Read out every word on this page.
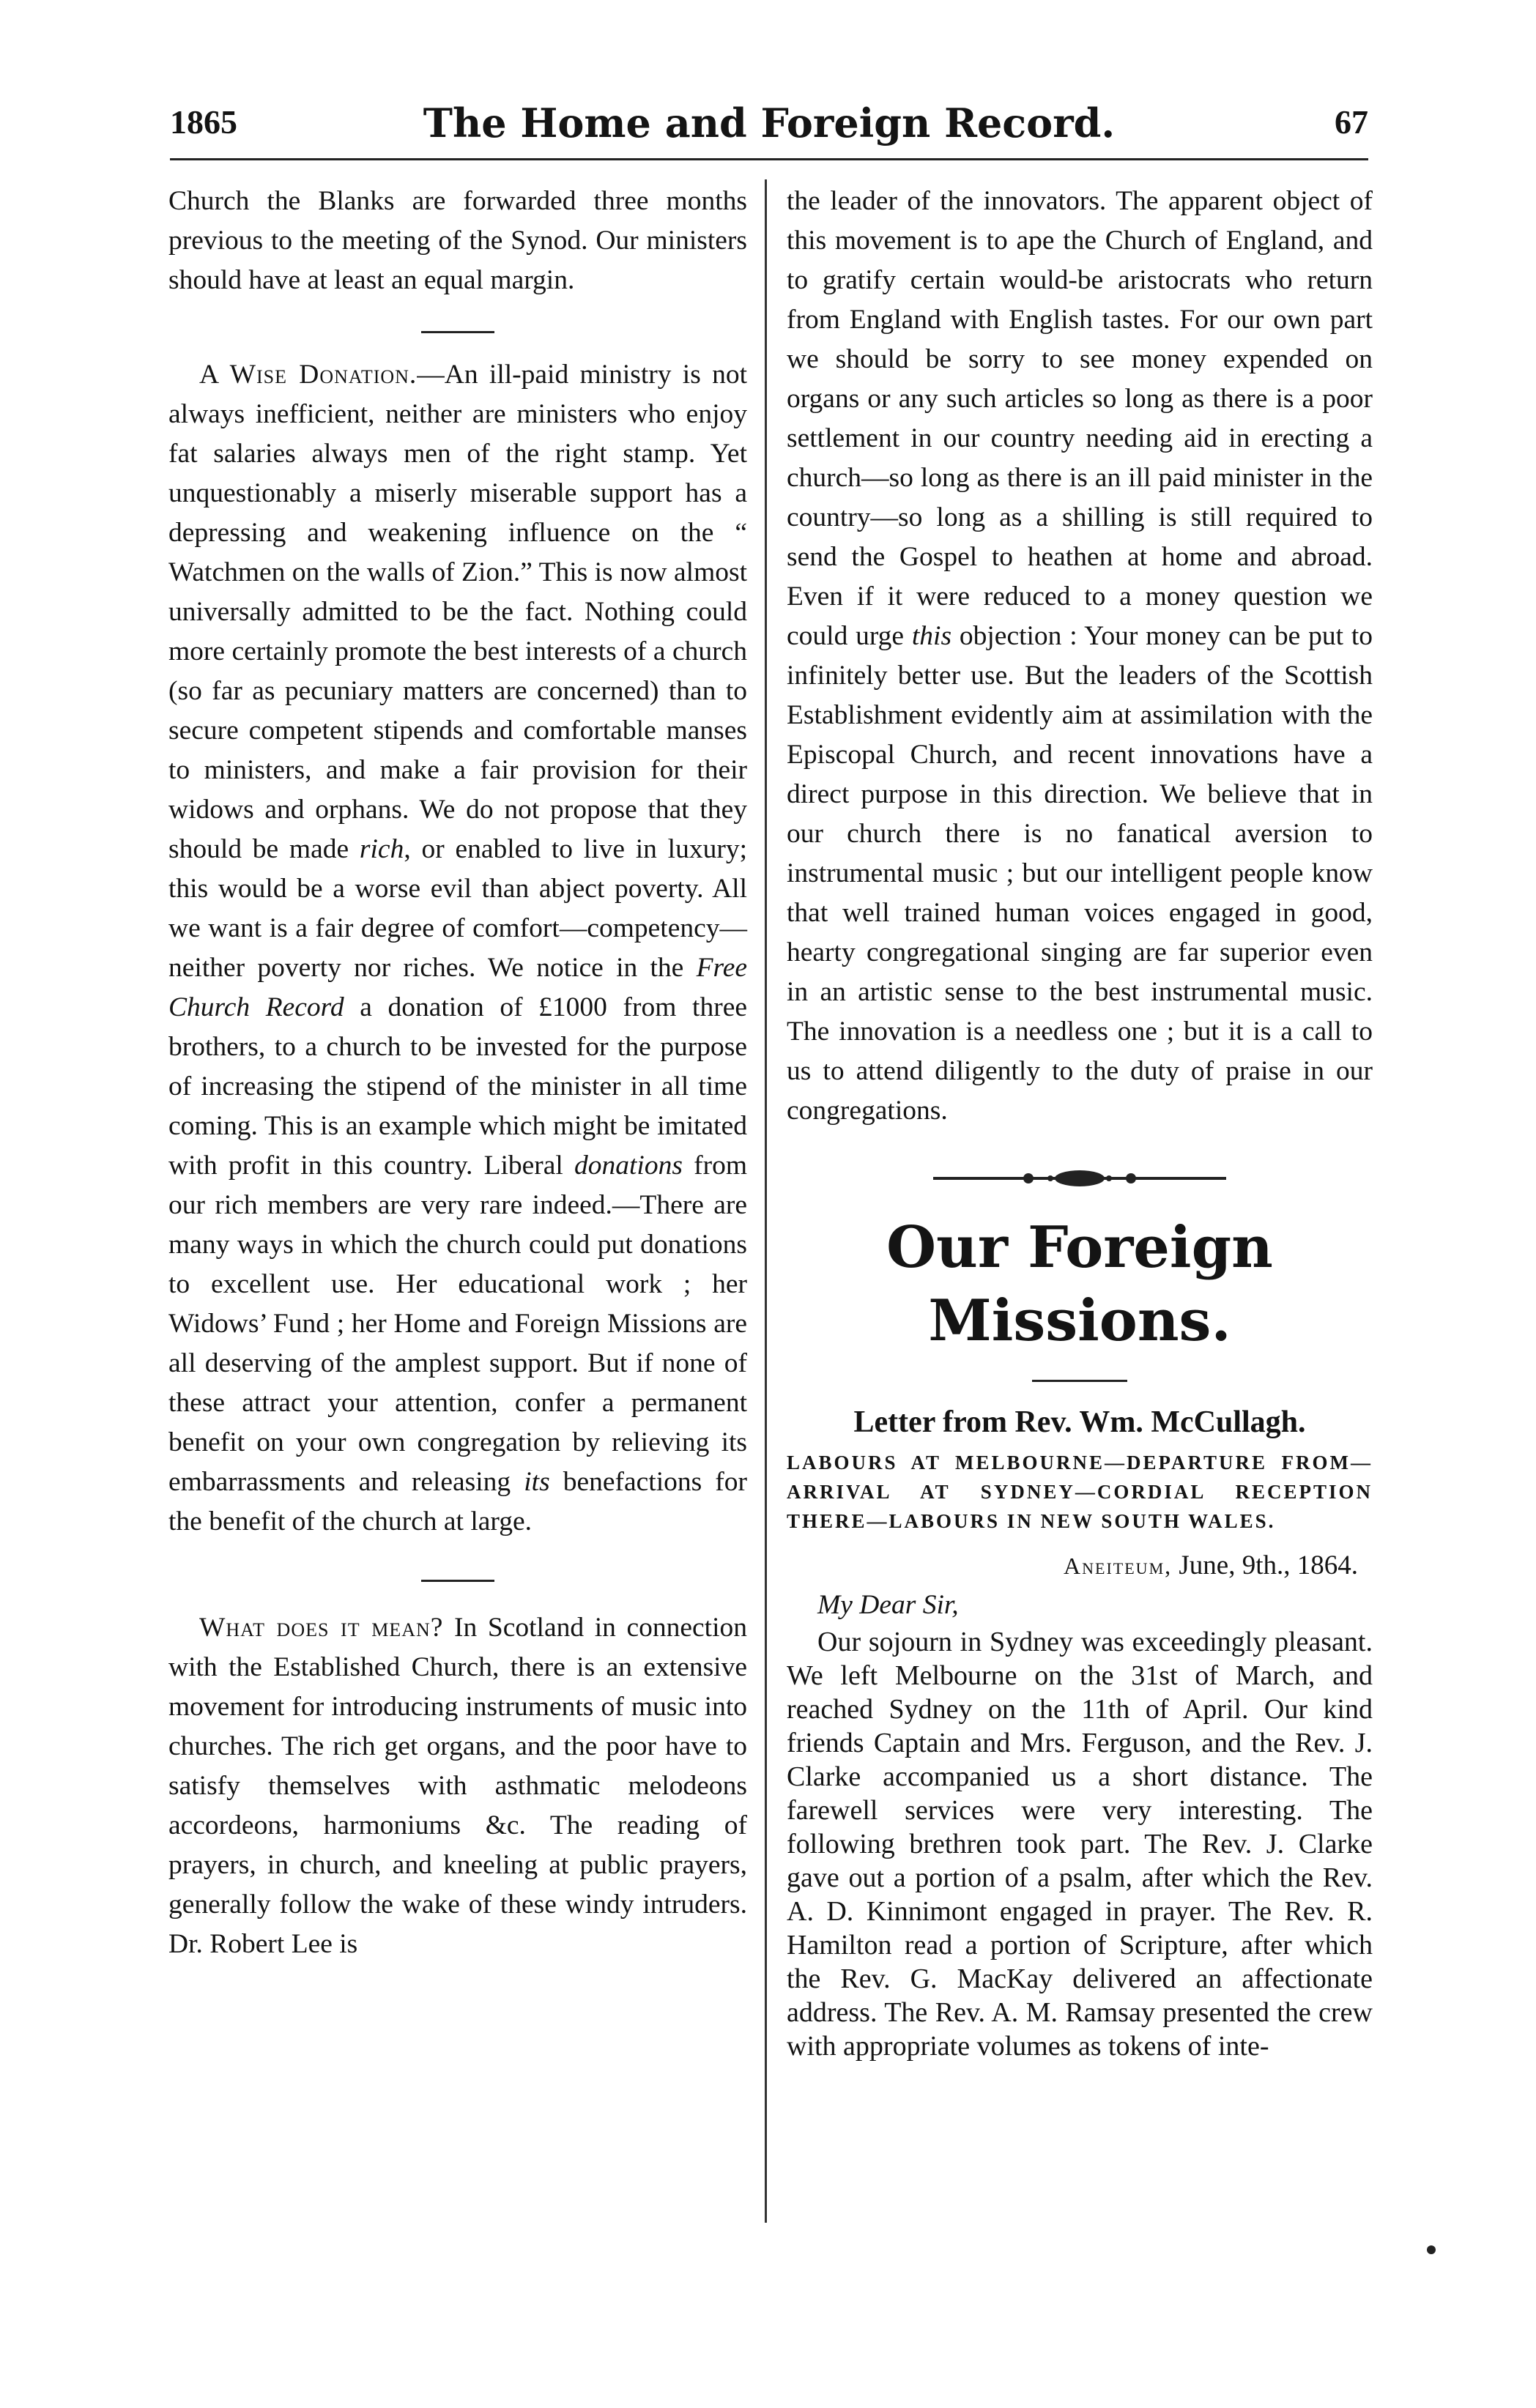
1865	The Home and Foreign Record.	67

Church the Blanks are forwarded three months previous to the meeting of the Synod. Our ministers should have at least an equal margin.

A Wise Donation.—An ill-paid ministry is not always inefficient, neither are ministers who enjoy fat salaries always men of the right stamp. Yet unquestionably a miserly miserable support has a depressing and weakening influence on the “ Watchmen on the walls of Zion.” This is now almost universally admitted to be the fact. Nothing could more certainly promote the best interests of a church (so far as pecuniary matters are concerned) than to secure competent stipends and comfortable manses to ministers, and make a fair provision for their widows and orphans. We do not propose that they should be made rich, or enabled to live in luxury; this would be a worse evil than abject poverty. All we want is a fair degree of comfort—competency—neither poverty nor riches. We notice in the Free Church Record a donation of £1000 from three brothers, to a church to be invested for the purpose of increasing the stipend of the minister in all time coming. This is an example which might be imitated with profit in this country. Liberal donations from our rich members are very rare indeed.—There are many ways in which the church could put donations to excellent use. Her educational work ; her Widows’ Fund ; her Home and Foreign Missions are all deserving of the amplest support. But if none of these attract your attention, confer a permanent benefit on your own congregation by relieving its embarrassments and releasing its benefactions for the benefit of the church at large.

What does it mean? In Scotland in connection with the Established Church, there is an extensive movement for introducing instruments of music into churches. The rich get organs, and the poor have to satisfy themselves with asthmatic melodeons accordeons, harmoniums &c. The reading of prayers, in church, and kneeling at public prayers, generally follow the wake of these windy intruders. Dr. Robert Lee is

the leader of the innovators. The apparent object of this movement is to ape the Church of England, and to gratify certain would-be aristocrats who return from England with English tastes. For our own part we should be sorry to see money expended on organs or any such articles so long as there is a poor settlement in our country needing aid in erecting a church—so long as there is an ill paid minister in the country—so long as a shilling is still required to send the Gospel to heathen at home and abroad. Even if it were reduced to a money question we could urge this objection : Your money can be put to infinitely better use. But the leaders of the Scottish Establishment evidently aim at assimilation with the Episcopal Church, and recent innovations have a direct purpose in this direction. We believe that in our church there is no fanatical aversion to instrumental music ; but our intelligent people know that well trained human voices engaged in good, hearty congregational singing are far superior even in an artistic sense to the best instrumental music. The innovation is a needless one ; but it is a call to us to attend diligently to the duty of praise in our congregations.

Our Foreign Missions.
Letter from Rev. Wm. McCullagh.
LABOURS AT MELBOURNE—DEPARTURE FROM—ARRIVAL AT SYDNEY—CORDIAL RECEPTION THERE—LABOURS IN NEW SOUTH WALES.
Aneiteum, June, 9th., 1864.
My Dear Sir,

Our sojourn in Sydney was exceedingly pleasant. We left Melbourne on the 31st of March, and reached Sydney on the 11th of April. Our kind friends Captain and Mrs. Ferguson, and the Rev. J. Clarke accompanied us a short distance. The farewell services were very interesting. The following brethren took part. The Rev. J. Clarke gave out a portion of a psalm, after which the Rev. A. D. Kinnimont engaged in prayer. The Rev. R. Hamilton read a portion of Scripture, after which the Rev. G. MacKay delivered an affectionate address. The Rev. A. M. Ramsay presented the crew with appropriate volumes as tokens of inte-
